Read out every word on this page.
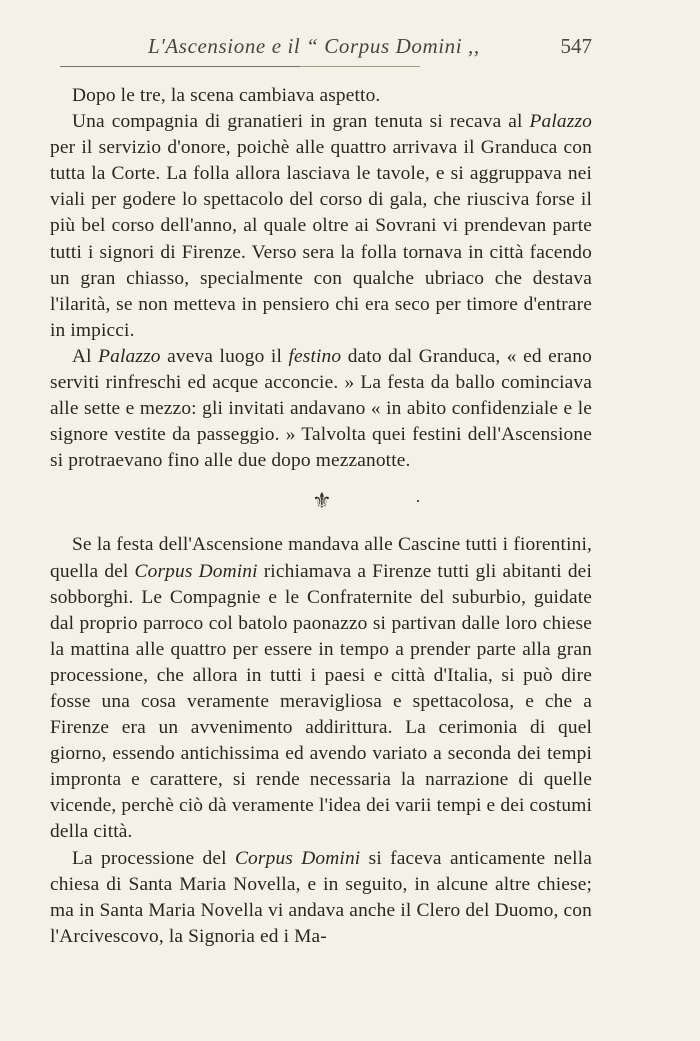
L'Ascensione e il “ Corpus Domini ,,	547

Dopo le tre, la scena cambiava aspetto.

Una compagnia di granatieri in gran tenuta si recava al Palazzo per il servizio d'onore, poichè alle quattro arrivava il Granduca con tutta la Corte. La folla allora lasciava le tavole, e si aggruppava nei viali per godere lo spettacolo del corso di gala, che riusciva forse il più bel corso dell'anno, al quale oltre ai Sovrani vi prendevan parte tutti i signori di Firenze. Verso sera la folla tornava in città facendo un gran chiasso, specialmente con qualche ubriaco che destava l'ilarità, se non metteva in pensiero chi era seco per timore d'entrare in impicci.

Al Palazzo aveva luogo il festino dato dal Granduca, « ed erano serviti rinfreschi ed acque acconcie. » La festa da ballo cominciava alle sette e mezzo: gli invitati andavano « in abito confidenziale e le signore vestite da passeggio. » Talvolta quei festini dell'Ascensione si protraevano fino alle due dopo mezzanotte.

⚜	·

Se la festa dell'Ascensione mandava alle Cascine tutti i fiorentini, quella del Corpus Domini richiamava a Firenze tutti gli abitanti dei sobborghi. Le Compagnie e le Confraternite del suburbio, guidate dal proprio parroco col batolo paonazzo si partivan dalle loro chiese la mattina alle quattro per essere in tempo a prender parte alla gran processione, che allora in tutti i paesi e città d'Italia, si può dire fosse una cosa veramente meravigliosa e spettacolosa, e che a Firenze era un avvenimento addirittura. La cerimonia di quel giorno, essendo antichissima ed avendo variato a seconda dei tempi impronta e carattere, si rende necessaria la narrazione di quelle vicende, perchè ciò dà veramente l'idea dei varii tempi e dei costumi della città.

La processione del Corpus Domini si faceva anticamente nella chiesa di Santa Maria Novella, e in seguito, in alcune altre chiese; ma in Santa Maria Novella vi andava anche il Clero del Duomo, con l'Arcivescovo, la Signoria ed i Ma-
